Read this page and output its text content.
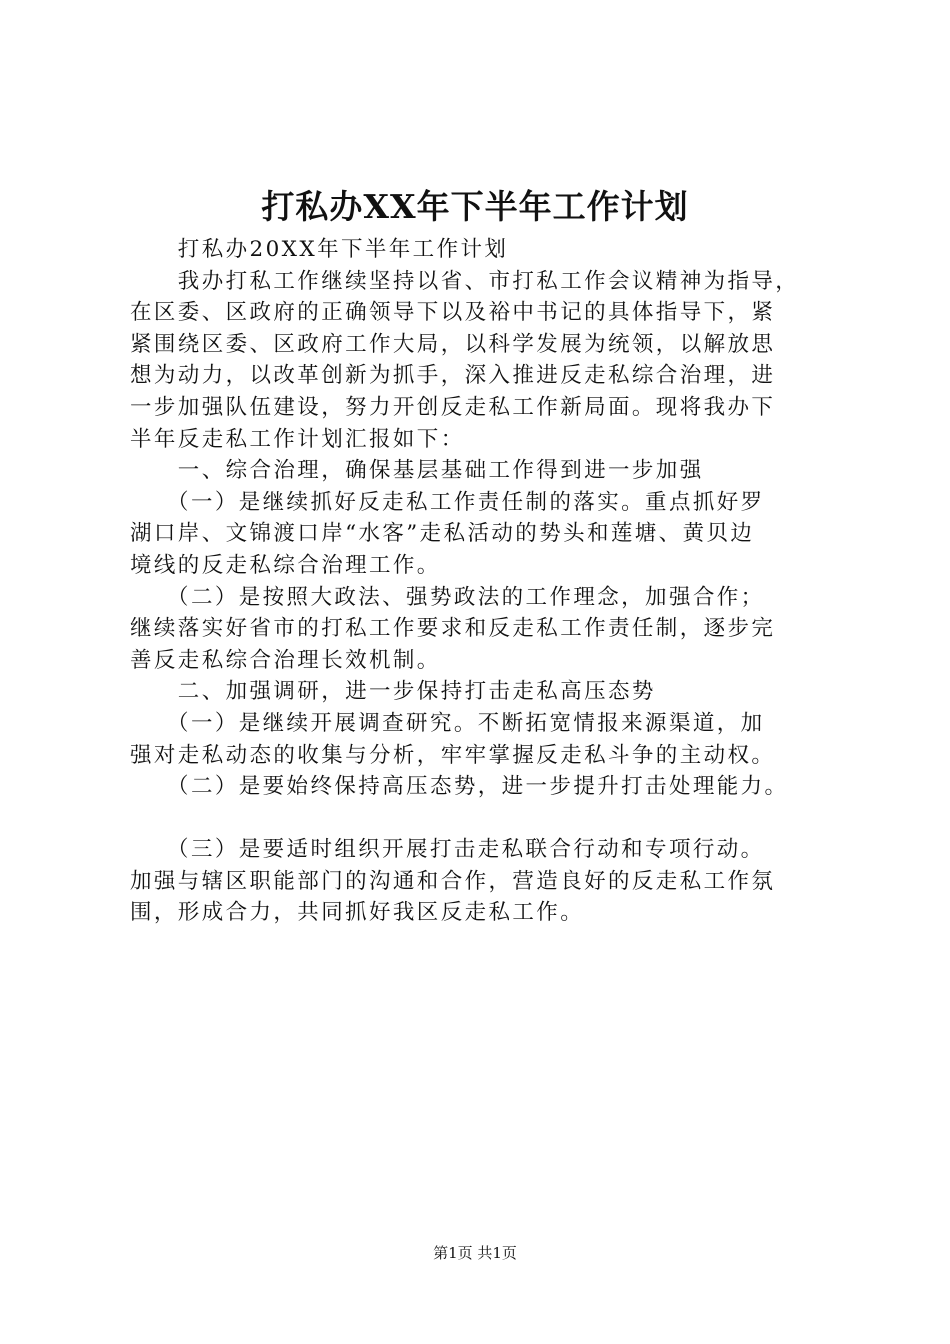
打私办XX年下半年工作计划
　　打私办20XX年下半年工作计划
　　我办打私工作继续坚持以省、市打私工作会议精神为指导，
在区委、区政府的正确领导下以及裕中书记的具体指导下，紧
紧围绕区委、区政府工作大局，以科学发展为统领，以解放思
想为动力，以改革创新为抓手，深入推进反走私综合治理，进
一步加强队伍建设，努力开创反走私工作新局面。现将我办下
半年反走私工作计划汇报如下：
　　一、综合治理，确保基层基础工作得到进一步加强
　　（一）是继续抓好反走私工作责任制的落实。重点抓好罗
湖口岸、文锦渡口岸“水客”走私活动的势头和莲塘、黄贝边
境线的反走私综合治理工作。
　　（二）是按照大政法、强势政法的工作理念，加强合作；
继续落实好省市的打私工作要求和反走私工作责任制，逐步完
善反走私综合治理长效机制。
　　二、加强调研，进一步保持打击走私高压态势
　　（一）是继续开展调查研究。不断拓宽情报来源渠道，加
强对走私动态的收集与分析，牢牢掌握反走私斗争的主动权。
　　（二）是要始终保持高压态势，进一步提升打击处理能力。
　　（三）是要适时组织开展打击走私联合行动和专项行动。
加强与辖区职能部门的沟通和合作，营造良好的反走私工作氛
围，形成合力，共同抓好我区反走私工作。
第1页 共1页
